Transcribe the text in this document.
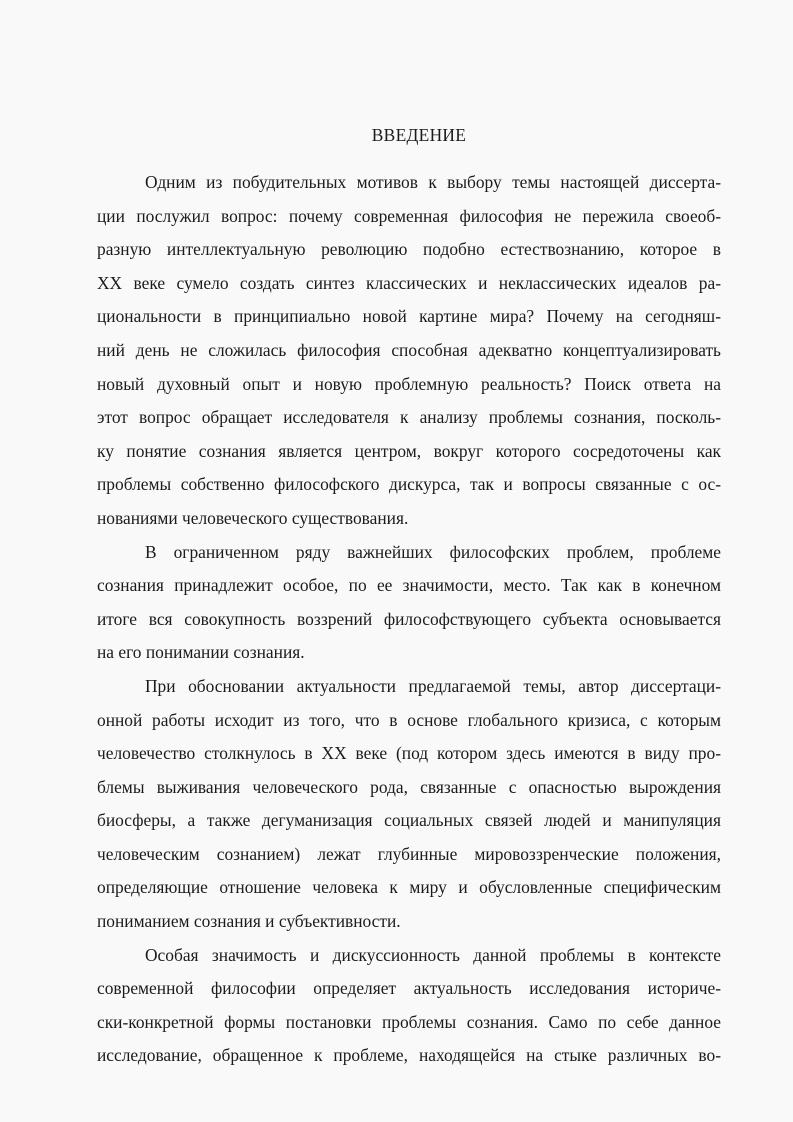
ВВЕДЕНИЕ
Одним из побудительных мотивов к выбору темы настоящей диссерта-
ции послужил вопрос: почему современная философия не пережила своеоб-
разную интеллектуальную революцию подобно естествознанию, которое в
XX веке сумело создать синтез классических и неклассических идеалов ра-
циональности в принципиально новой картине мира? Почему на сегодняш-
ний день не сложилась философия способная адекватно концептуализировать
новый духовный опыт и новую проблемную реальность? Поиск ответа на
этот вопрос обращает исследователя к анализу проблемы сознания, посколь-
ку понятие сознания является центром, вокруг которого сосредоточены как
проблемы собственно философского дискурса, так и вопросы связанные с ос-
нованиями человеческого существования.
В ограниченном ряду важнейших философских проблем, проблеме
сознания принадлежит особое, по ее значимости, место. Так как в конечном
итоге вся совокупность воззрений философствующего субъекта основывается
на его понимании сознания.
При обосновании актуальности предлагаемой темы, автор диссертаци-
онной работы исходит из того, что в основе глобального кризиса, с которым
человечество столкнулось в XX веке (под котором здесь имеются в виду про-
блемы выживания человеческого рода, связанные с опасностью вырождения
биосферы, а также дегуманизация социальных связей людей и манипуляция
человеческим сознанием) лежат глубинные мировоззренческие положения,
определяющие отношение человека к миру и обусловленные специфическим
пониманием сознания и субъективности.
Особая значимость и дискуссионность данной проблемы в контексте
современной философии определяет актуальность исследования историче-
ски-конкретной формы постановки проблемы сознания. Само по себе данное
исследование, обращенное к проблеме, находящейся на стыке различных во-
